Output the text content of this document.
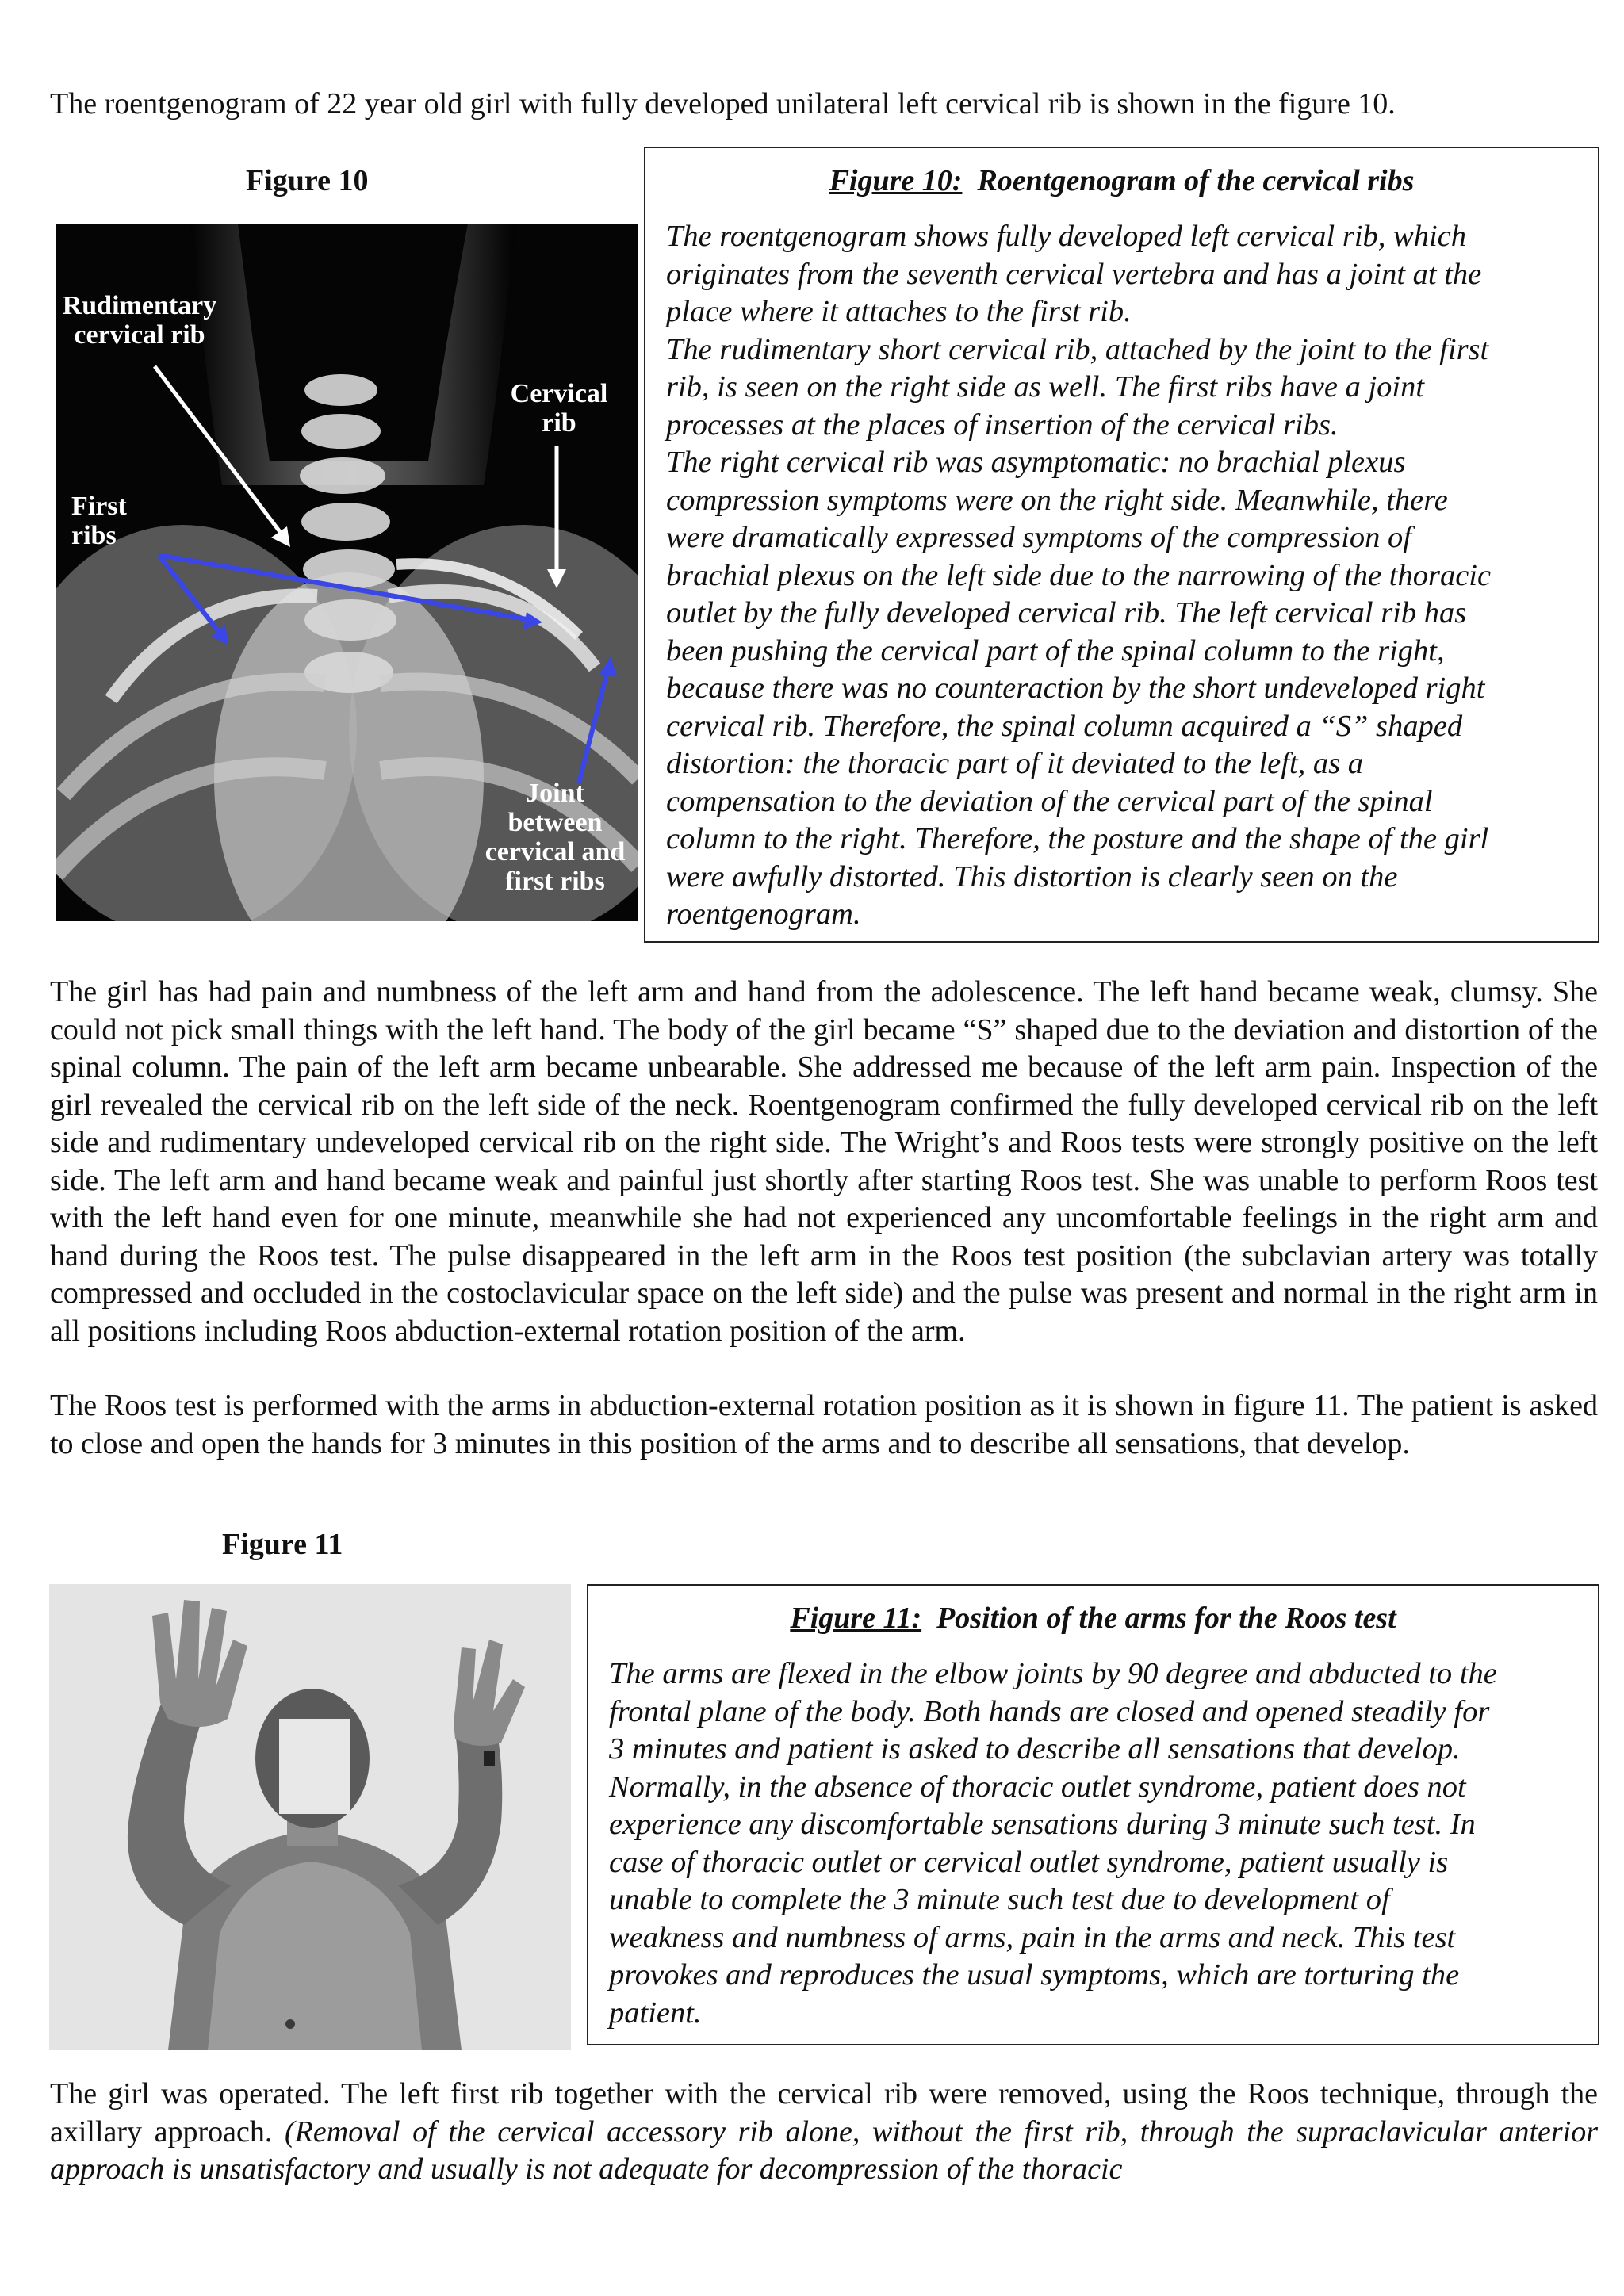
The roentgenogram of 22 year old girl with fully developed unilateral left cervical rib is shown in the figure 10.

Figure 10

Rudimentary
cervical rib

Cervical
rib

First
ribs

Joint
between
cervical and
first ribs

Figure 10: Roentgenogram of the cervical ribs

The roentgenogram shows fully developed left cervical rib, which
originates from the seventh cervical vertebra and has a joint at the
place where it attaches to the first rib.
The rudimentary short cervical rib, attached by the joint to the first
rib, is seen on the right side as well. The first ribs have a joint
processes at the places of insertion of the cervical ribs.
The right cervical rib was asymptomatic: no brachial plexus
compression symptoms were on the right side. Meanwhile, there
were dramatically expressed symptoms of the compression of
brachial plexus on the left side due to the narrowing of the thoracic
outlet by the fully developed cervical rib. The left cervical rib has
been pushing the cervical part of the spinal column to the right,
because there was no counteraction by the short undeveloped right
cervical rib. Therefore, the spinal column acquired a “S” shaped
distortion: the thoracic part of it deviated to the left, as a
compensation to the deviation of the cervical part of the spinal
column to the right. Therefore, the posture and the shape of the girl
were awfully distorted. This distortion is clearly seen on the
roentgenogram.

The girl has had pain and numbness of the left arm and hand from the adolescence. The left hand became weak, clumsy. She could not pick small things with the left hand. The body of the girl became “S” shaped due to the deviation and distortion of the spinal column. The pain of the left arm became unbearable. She addressed me because of the left arm pain. Inspection of the girl revealed the cervical rib on the left side of the neck. Roentgenogram confirmed the fully developed cervical rib on the left side and rudimentary undeveloped cervical rib on the right side. The Wright’s and Roos tests were strongly positive on the left side. The left arm and hand became weak and painful just shortly after starting Roos test. She was unable to perform Roos test with the left hand even for one minute, meanwhile she had not experienced any uncomfortable feelings in the right arm and hand during the Roos test. The pulse disappeared in the left arm in the Roos test position (the subclavian artery was totally compressed and occluded in the costoclavicular space on the left side) and the pulse was present and normal in the right arm in all positions including Roos abduction-external rotation position of the arm.

The Roos test is performed with the arms in abduction-external rotation position as it is shown in figure 11. The patient is asked to close and open the hands for 3 minutes in this position of the arms and to describe all sensations, that develop.

Figure 11

Figure 11: Position of the arms for the Roos test

The arms are flexed in the elbow joints by 90 degree and abducted to the
frontal plane of the body. Both hands are closed and opened steadily for
3 minutes and patient is asked to describe all sensations that develop.
Normally, in the absence of thoracic outlet syndrome, patient does not
experience any discomfortable sensations during 3 minute such test. In
case of thoracic outlet or cervical outlet syndrome, patient usually is
unable to complete the 3 minute such test due to development of
weakness and numbness of arms, pain in the arms and neck. This test
provokes and reproduces the usual symptoms, which are torturing the
patient.

The girl was operated. The left first rib together with the cervical rib were removed, using the Roos technique, through the axillary approach. (Removal of the cervical accessory rib alone, without the first rib, through the supraclavicular anterior approach is unsatisfactory and usually is not adequate for decompression of the thoracic
